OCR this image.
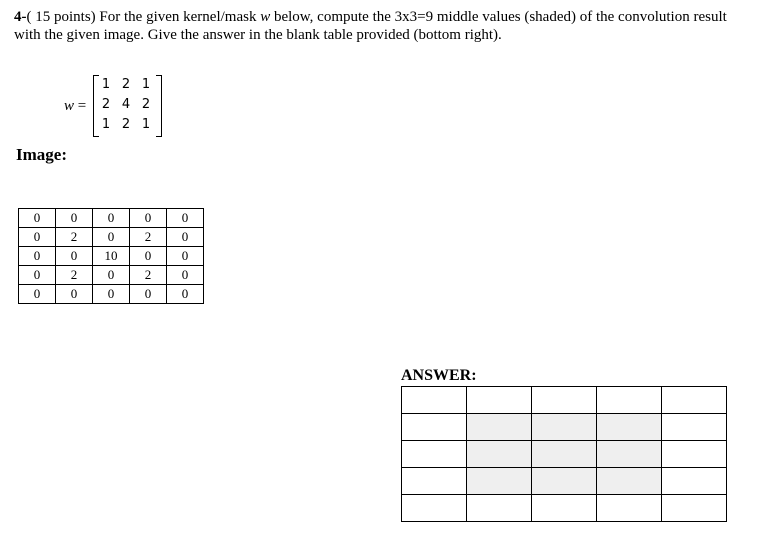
4-( 15 points) For the given kernel/mask w below, compute the 3x3=9 middle values (shaded) of the convolution result with the given image. Give the answer in the blank table provided (bottom right).
w =
1 2 1
2 4 2
1 2 1
Image:
0	0	0	0	0
0	2	0	2	0
0	0	10	0	0
0	2	0	2	0
0	0	0	0	0
ANSWER:
